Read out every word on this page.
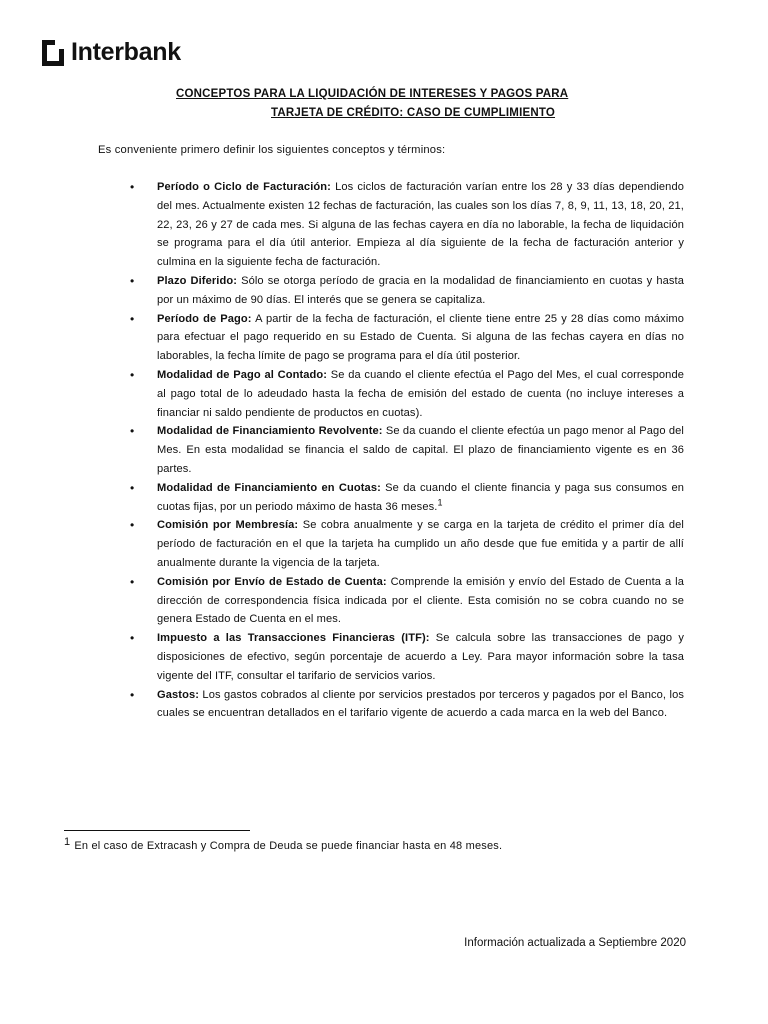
Interbank
CONCEPTOS PARA LA LIQUIDACIÓN DE INTERESES Y PAGOS PARA
TARJETA DE CRÉDITO: CASO DE CUMPLIMIENTO
Es conveniente primero definir los siguientes conceptos y términos:
• Período o Ciclo de Facturación: Los ciclos de facturación varían entre los 28 y 33 días dependiendo del mes. Actualmente existen 12 fechas de facturación, las cuales son los días 7, 8, 9, 11, 13, 18, 20, 21, 22, 23, 26 y 27 de cada mes. Si alguna de las fechas cayera en día no laborable, la fecha de liquidación se programa para el día útil anterior. Empieza al día siguiente de la fecha de facturación anterior y culmina en la siguiente fecha de facturación.
• Plazo Diferido: Sólo se otorga período de gracia en la modalidad de financiamiento en cuotas y hasta por un máximo de 90 días. El interés que se genera se capitaliza.
• Período de Pago: A partir de la fecha de facturación, el cliente tiene entre 25 y 28 días como máximo para efectuar el pago requerido en su Estado de Cuenta. Si alguna de las fechas cayera en días no laborables, la fecha límite de pago se programa para el día útil posterior.
• Modalidad de Pago al Contado: Se da cuando el cliente efectúa el Pago del Mes, el cual corresponde al pago total de lo adeudado hasta la fecha de emisión del estado de cuenta (no incluye intereses a financiar ni saldo pendiente de productos en cuotas).
• Modalidad de Financiamiento Revolvente: Se da cuando el cliente efectúa un pago menor al Pago del Mes. En esta modalidad se financia el saldo de capital. El plazo de financiamiento vigente es en 36 partes.
• Modalidad de Financiamiento en Cuotas: Se da cuando el cliente financia y paga sus consumos en cuotas fijas, por un periodo máximo de hasta 36 meses.$^1$
• Comisión por Membresía: Se cobra anualmente y se carga en la tarjeta de crédito el primer día del período de facturación en el que la tarjeta ha cumplido un año desde que fue emitida y a partir de allí anualmente durante la vigencia de la tarjeta.
• Comisión por Envío de Estado de Cuenta: Comprende la emisión y envío del Estado de Cuenta a la dirección de correspondencia física indicada por el cliente. Esta comisión no se cobra cuando no se genera Estado de Cuenta en el mes.
• Impuesto a las Transacciones Financieras (ITF): Se calcula sobre las transacciones de pago y disposiciones de efectivo, según porcentaje de acuerdo a Ley. Para mayor información sobre la tasa vigente del ITF, consultar el tarifario de servicios varios.
• Gastos: Los gastos cobrados al cliente por servicios prestados por terceros y pagados por el Banco, los cuales se encuentran detallados en el tarifario vigente de acuerdo a cada marca en la web del Banco.
1 En el caso de Extracash y Compra de Deuda se puede financiar hasta en 48 meses.
Información actualizada a Septiembre 2020
